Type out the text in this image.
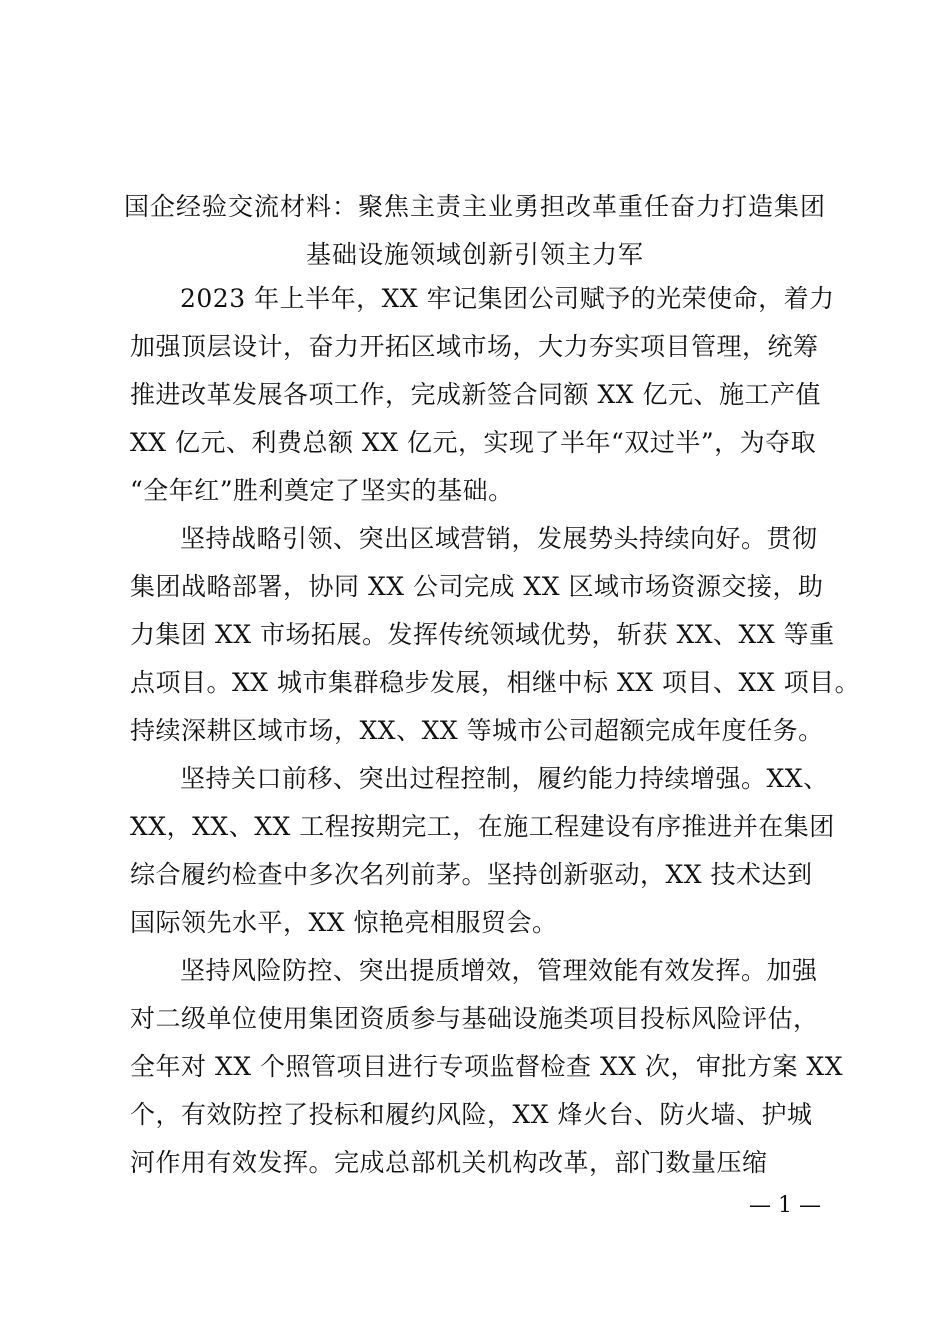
国企经验交流材料：聚焦主责主业勇担改革重任奋力打造集团
基础设施领域创新引领主力军
2023 年上半年，XX 牢记集团公司赋予的光荣使命，着力
加强顶层设计，奋力开拓区域市场，大力夯实项目管理，统筹
推进改革发展各项工作，完成新签合同额 XX 亿元、施工产值
XX 亿元、利费总额 XX 亿元，实现了半年“双过半”，为夺取
“全年红”胜利奠定了坚实的基础。
坚持战略引领、突出区域营销，发展势头持续向好。贯彻
集团战略部署，协同 XX 公司完成 XX 区域市场资源交接，助
力集团 XX 市场拓展。发挥传统领域优势，斩获 XX、XX 等重
点项目。XX 城市集群稳步发展，相继中标 XX 项目、XX 项目。
持续深耕区域市场，XX、XX 等城市公司超额完成年度任务。
坚持关口前移、突出过程控制，履约能力持续增强。XX、
XX，XX、XX 工程按期完工，在施工程建设有序推进并在集团
综合履约检查中多次名列前茅。坚持创新驱动，XX 技术达到
国际领先水平，XX 惊艳亮相服贸会。
坚持风险防控、突出提质增效，管理效能有效发挥。加强
对二级单位使用集团资质参与基础设施类项目投标风险评估，
全年对 XX 个照管项目进行专项监督检查 XX 次，审批方案 XX
个，有效防控了投标和履约风险，XX 烽火台、防火墙、护城
河作用有效发挥。完成总部机关机构改革，部门数量压缩
— 1 —
